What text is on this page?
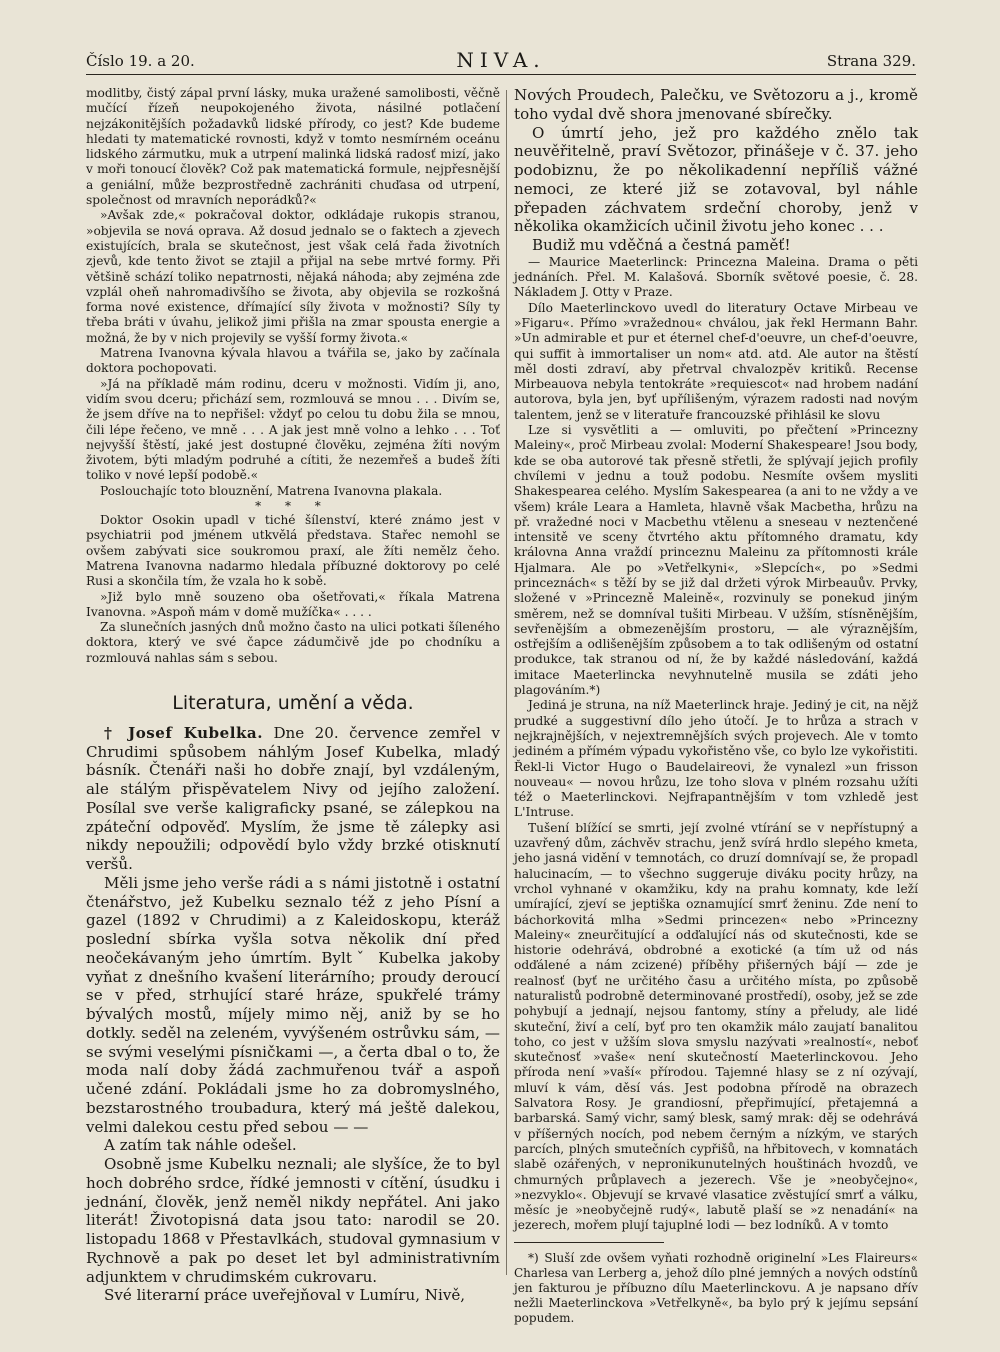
Číslo 19. a 20.	NIVA.	Strana 329.

modlitby, čistý zápal první lásky, muka uražené samolibosti, věčně mučící řízeň neupokojeného života, násilné potlačení nejzákonitějších požadavků lidské přírody, co jest? Kde budeme hledati ty matematické rovnosti, když v tomto nesmírném oceánu lidského zármutku, muk a utrpení malinká lidská radosť mizí, jako v moři tonoucí člověk? Což pak matematická formule, nejpřesnější a geniální, může bezprostředně zachrániti chuďasa od utrpení, společnost od mravních neporádků?«

»Avšak zde,« pokračoval doktor, odkládaje rukopis stranou, »objevila se nová oprava. Až dosud jednalo se o faktech a zjevech existujících, brala se skutečnost, jest však celá řada životních zjevů, kde tento život se ztajil a přijal na sebe mrtvé formy. Při většině schází toliko nepatrnosti, nějaká náhoda; aby zejména zde vzplál oheň nahromadivšího se života, aby objevila se rozkošná forma nové existence, dřímající síly života v možnosti? Síly ty třeba bráti v úvahu, jelikož jimi přišla na zmar spousta energie a možná, že by v nich projevily se vyšší formy života.«

Matrena Ivanovna kývala hlavou a tvářila se, jako by začínala doktora pochopovati.

»Já na příkladě mám rodinu, dceru v možnosti. Vidím ji, ano, vidím svou dceru; přichází sem, rozmlouvá se mnou . . . Divím se, že jsem dříve na to nepřišel: vždyť po celou tu dobu žila se mnou, čili lépe řečeno, ve mně . . . A jak jest mně volno a lehko . . . Toť nejvyšší štěstí, jaké jest dostupné člověku, zejména žíti novým životem, býti mladým podruhé a cítiti, že nezemřeš a budeš žíti toliko v nové lepší podobě.«

Poslouchajíc toto blouznění, Matrena Ivanovna plakala.

* * *

Doktor Osokin upadl v tiché šílenství, které známo jest v psychiatrii pod jménem utkvělá představa. Stařec nemohl se ovšem zabývati sice soukromou praxí, ale žíti nemělz čeho. Matrena Ivanovna nadarmo hledala příbuzné doktorovy po celé Rusi a skončila tím, že vzala ho k sobě.

»Již bylo mně souzeno oba ošetřovati,« říkala Matrena Ivanovna. »Aspoň mám v domě mužíčka« . . . .

Za slunečních jasných dnů možno často na ulici potkati šíleného doktora, který ve své čapce zádumčivě jde po chodníku a rozmlouvá nahlas sám s sebou.

Literatura, umění a věda.

† Josef Kubelka. Dne 20. července zemřel v Chrudimi spůsobem náhlým Josef Kubelka, mladý básník. Čtenáři naši ho dobře znají, byl vzdáleným, ale stálým přispěvatelem Nivy od jejího založení. Posílal sve verše kaligraficky psané, se zálepkou na zpáteční odpověď. Myslím, že jsme tě zálepky asi nikdy nepoužili; odpovědí bylo vždy brzké otisknutí veršů.

Měli jsme jeho verše rádi a s námi jistotně i ostatní čtenářstvo, jež Kubelku seznalo též z jeho Písní a gazel (1892 v Chrudimi) a z Kaleidoskopu, kteráž poslední sbírka vyšla sotva několik dní před neočekávaným jeho úmrtím. Byltˇ Kubelka jakoby vyňat z dnešního kvašení literárního; proudy deroucí se v před, strhující staré hráze, spukřelé trámy bývalých mostů, míjely mimo něj, aniž by se ho dotkly. seděl na zeleném, vyvýšeném ostrůvku sám, — se svými veselými písničkami —, a čerta dbal o to, že moda nalí doby žádá zachmuřenou tvář a aspoň učené zdání. Pokládali jsme ho za dobromyslného, bezstarostného troubadura, který má ještě dalekou, velmi dalekou cestu před sebou — —

A zatím tak náhle odešel.

Osobně jsme Kubelku neznali; ale slyšíce, že to byl hoch dobrého srdce, řídké jemnosti v cítění, úsudku i jednání, člověk, jenž neměl nikdy nepřátel. Ani jako literát! Životopisná data jsou tato: narodil se 20. listopadu 1868 v Přestavlkách, studoval gymnasium v Rychnově a pak po deset let byl administrativním adjunktem v chrudimském cukrovaru.

Své literarní práce uveřejňoval v Lumíru, Nivě,

Nových Proudech, Palečku, ve Světozoru a j., kromě toho vydal dvě shora jmenované sbírečky.

O úmrtí jeho, jež pro každého znělo tak neuvěřitelně, praví Světozor, přinášeje v č. 37. jeho podobiznu, že po několikadenní nepříliš vážné nemoci, ze které již se zotavoval, byl náhle přepaden záchvatem srdeční choroby, jenž v několika okamžicích učinil životu jeho konec . . .

Budiž mu vděčná a čestná paměť!

— Maurice Maeterlinck: Princezna Maleina. Drama o pěti jednáních. Přel. M. Kalašová. Sborník světové poesie, č. 28. Nákladem J. Otty v Praze.

Dílo Maeterlinckovo uvedl do literatury Octave Mirbeau ve »Figaru«. Přímo »vražednou« chválou, jak řekl Hermann Bahr. »Un admirable et pur et éternel chef-d'oeuvre, un chef-d'oeuvre, qui suffit à immortaliser un nom« atd. atd. Ale autor na štěstí měl dosti zdraví, aby přetrval chvalozpěv kritiků. Recense Mirbeauova nebyla tentokráte »requiescot« nad hrobem nadání autorova, byla jen, byť upřílišeným, výrazem radosti nad novým talentem, jenž se v literatuře francouzské přihlásil ke slovu

Lze si vysvětliti a — omluviti, po přečtení »Princezny Maleiny«, proč Mirbeau zvolal: Moderní Shakespeare! Jsou body, kde se oba autorové tak přesně střetli, že splývají jejich profily chvílemi v jednu a touž podobu. Nesmíte ovšem mysliti Shakespearea celého. Myslím Sakespearea (a ani to ne vždy a ve všem) krále Leara a Hamleta, hlavně však Macbetha, hrůzu na př. vražedné noci v Macbethu vtělenu a sneseau v neztenčené intensitě ve sceny čtvrtého aktu přítomného dramatu, kdy královna Anna vraždí princeznu Maleinu za přítomnosti krále Hjalmara. Ale po »Vetřelkyni«, »Slepcích«, po »Sedmi princeznách« s těží by se již dal držeti výrok Mirbeauův. Prvky, složené v »Princezně Maleině«, rozvinuly se ponekud jiným směrem, než se domníval tušiti Mirbeau. V užším, stísněnějším, sevřenějším a obmezenějším prostoru, — ale výraznějším, ostřejším a odlišenějším způsobem a to tak odlišeným od ostatní produkce, tak stranou od ní, že by každé následování, každá imitace Maeterlincka nevyhnutelně musila se zdáti jeho plagováním.*)

Jediná je struna, na níž Maeterlinck hraje. Jediný je cit, na nějž prudké a suggestivní dílo jeho útočí. Je to hrůza a strach v nejkrajnějších, v nejextremnějších svých projevech. Ale v tomto jediném a přímém výpadu vykořistěno vše, co bylo lze vykořistiti. Řekl-li Victor Hugo o Baudelaireovi, že vynalezl »un frisson nouveau« — novou hrůzu, lze toho slova v plném rozsahu užíti též o Maeterlinckovi. Nejfrapantnějším v tom vzhledě jest L'Intruse.

Tušení blížící se smrti, její zvolné vtírání se v nepřístupný a uzavřený dům, záchvěv strachu, jenž svírá hrdlo slepého kmeta, jeho jasná vidění v temnotách, co druzí domnívají se, že propadl halucinacím, — to všechno suggeruje diváku pocity hrůzy, na vrchol vyhnané v okamžiku, kdy na prahu komnaty, kde leží umírající, zjeví se jeptiška oznamující smrť ženinu. Zde není to báchorkovitá mlha »Sedmi princezen« nebo »Princezny Maleiny« zneurčitující a odďalující nás od skutečnosti, kde se historie odehrává, obdrobné a exotické (a tím už od nás odďálené a nám zcizené) příběhy přišerných bájí — zde je realnosť (byť ne určitého času a určitého místa, po způsobě naturalistů podrobně determinované prostředí), osoby, jež se zde pohybují a jednají, nejsou fantomy, stíny a přeludy, ale lidé skuteční, živí a celí, byť pro ten okamžik málo zaujatí banalitou toho, co jest v užším slova smyslu nazývati »realností«, neboť skutečnosť »vaše« není skutečností Maeterlinckovou. Jeho příroda není »vaší« přírodou. Tajemné hlasy se z ní ozývají, mluví k vám, děsí vás. Jest podobna přírodě na obrazech Salvatora Rosy. Je grandiosní, přepřimující, přetajemná a barbarská. Samý vichr, samý blesk, samý mrak: děj se odehrává v příšerných nocích, pod nebem černým a nízkým, ve starých parcích, plných smutečních cypřišů, na hřbitovech, v komnatách slabě ozářených, v nepronikunutelných houštinách hvozdů, ve chmurných průplavech a jezerech. Vše je »neobyčejno«, »nezvyklo«. Objevují se krvavé vlasatice zvěstující smrť a válku, měsíc je »neobyčejně rudý«, labutě plaší se »z nenadání« na jezerech, mořem plují tajuplné lodi — bez lodníků. A v tomto

*) Sluší zde ovšem vyňati rozhodně originelní »Les Flaireurs« Charlesa van Lerberg a, jehož dílo plné jemných a nových odstínů jen fakturou je příbuzno dílu Maeterlinckovu. A je napsano dřív nežli Maeterlinckova »Vetřelkyně«, ba bylo prý k jejímu sepsání popudem.
